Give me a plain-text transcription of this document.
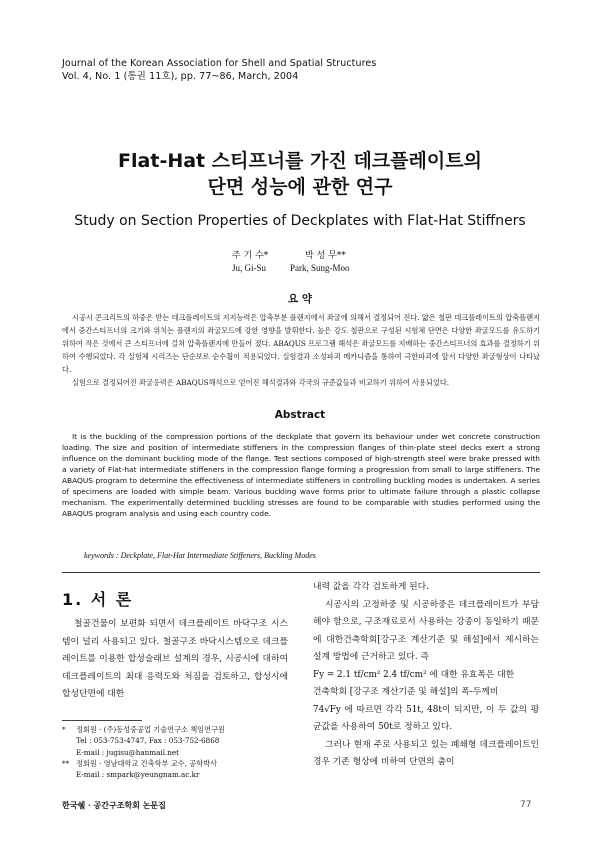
Journal of the Korean Association for Shell and Spatial Structures
Vol. 4, No. 1 (통권 11호), pp. 77~86, March, 2004
Flat-Hat 스티프너를 가진 데크플레이트의
단면 성능에 관한 연구
Study on Section Properties of Deckplates with Flat-Hat Stiffners
주 기 수*	박 성 무**
Ju, Gi-Su	Park, Sung-Moo
요 약

시공시 콘크리트의 하중은 받는 데크플레이트의 지지능력은 압축부분 플랜지에서 좌굴에 의해서 결정되어 진다. 얇은 철판 데크플레이트의 압축플랜지에서 중간스티프너의 크기와 위치는 플랜지의 좌굴모드에 강한 영향을 발휘한다. 높은 강도 철판으로 구성된 시험체 단면은 다양한 좌굴모드를 유도하기 위하여 작은 것에서 큰 스티프너에 걸쳐 압축플랜지에 만들어 졌다. ABAQUS 프로그램 해석은 좌굴모드를 지배하는 중간스티프너의 효과를 결정하기 위하여 수행되었다. 각 실험체 시리즈는 단순보로 순수휨이 적용되었다. 실험결과 소성파괴 메카니즘을 통하여 극한파괴에 앞서 다양한 좌굴형상이 나타났다.

실험으로 결정되어진 좌굴응력은 ABAQUS해석으로 얻어진 해석결과와 각국의 규준값들과 비교하기 위하여 사용되었다.

Abstract

It is the buckling of the compression portions of the deckplate that govern its behaviour under wet concrete construction loading. The size and position of intermediate stiffeners in the compression flanges of thin-plate steel decks exert a strong influence on the dominant buckling mode of the flange. Test sections composed of high-strength steel were brake pressed with a variety of Flat-hat intermediate stiffeners in the compression flange forming a progression from small to large stiffeners. The ABAQUS program to determine the effectiveness of intermediate stiffeners in controlling buckling modes is undertaken. A series of specimens are loaded with simple beam. Various buckling wave forms prior to ultimate failure through a plastic collapse mechanism. The experimentally determined buckling stresses are found to be comparable with studies performed using the ABAQUS program analysis and using each country code.

keywords : Deckplate, Flat-Hat Intermediate Stiffeners, Buckling Modes
1. 서 론

철골건물이 보편화 되면서 데크플레이트 바닥구조 시스템이 널리 사용되고 있다. 철골구조 바닥시스템으로 데크플레이트를 이용한 합성슬래브 설계의 경우, 시공시에 대하여 데크플레이트의 최대 응력도와 처짐을 검토하고, 합성시에 합성단면에 대한

내력 값을 각각 검토하게 된다.

시공시의 고정하중 및 시공하중은 데크플레이트가 부담해야 함으로, 구조재료로서 사용하는 강종이 동일하기 때문에 대한건축학회[강구조 계산기준 및 해설]에서 제시하는 설계 방법에 근거하고 있다. 즉

Fy = 2.1 tf/cm² 2.4 tf/cm² 에 대한 유효폭은 대한

건축학회 [강구조 계산기준 및 해설]의 폭-두께비

74√Fy 에 따르면 각각 51t, 48t이 되지만, 이 두 값의 평균값을 사용하여 50t로 정하고 있다.

그러나 현재 주로 사용되고 있는 폐쇄형 데크플레이트인 경우 기존 형상에 비하여 단면의 춤이

*	정회원 · (주)동성중공업 기술연구소 책임연구원
Tel : 053-753-4747, Fax : 053-752-6868
E-mail : jugisu@hanmail.net
** 정회원 · 영남대학교 건축학부 교수, 공학박사
E-mail : smpark@yeungnam.ac.kr
한국쉘 · 공간구조학회 논문집	77
